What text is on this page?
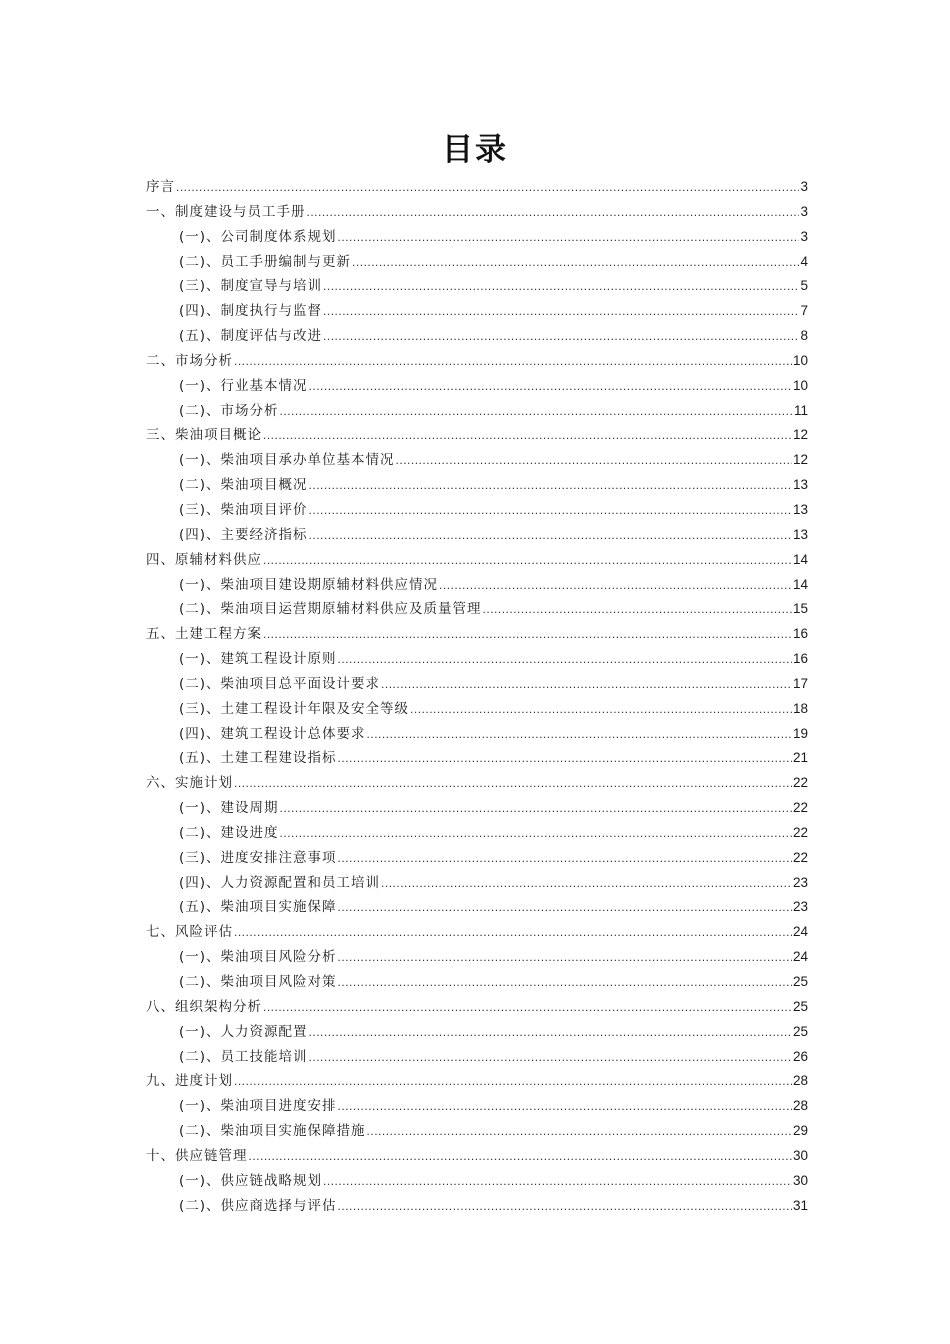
目录
序言 .....	3
一、制度建设与员工手册 .....	3
(一)、公司制度体系规划 .....	3
(二)、员工手册编制与更新 .....	4
(三)、制度宣导与培训 .....	5
(四)、制度执行与监督 .....	7
(五)、制度评估与改进 .....	8
二、市场分析 .....	10
(一)、行业基本情况 .....	10
(二)、市场分析 .....	11
三、柴油项目概论 .....	12
(一)、柴油项目承办单位基本情况 .....	12
(二)、柴油项目概况 .....	13
(三)、柴油项目评价 .....	13
(四)、主要经济指标 .....	13
四、原辅材料供应 .....	14
(一)、柴油项目建设期原辅材料供应情况 .....	14
(二)、柴油项目运营期原辅材料供应及质量管理 .....	15
五、土建工程方案 .....	16
(一)、建筑工程设计原则 .....	16
(二)、柴油项目总平面设计要求 .....	17
(三)、土建工程设计年限及安全等级 .....	18
(四)、建筑工程设计总体要求 .....	19
(五)、土建工程建设指标 .....	21
六、实施计划 .....	22
(一)、建设周期 .....	22
(二)、建设进度 .....	22
(三)、进度安排注意事项 .....	22
(四)、人力资源配置和员工培训 .....	23
(五)、柴油项目实施保障 .....	23
七、风险评估 .....	24
(一)、柴油项目风险分析 .....	24
(二)、柴油项目风险对策 .....	25
八、组织架构分析 .....	25
(一)、人力资源配置 .....	25
(二)、员工技能培训 .....	26
九、进度计划 .....	28
(一)、柴油项目进度安排 .....	28
(二)、柴油项目实施保障措施 .....	29
十、供应链管理 .....	30
(一)、供应链战略规划 .....	30
(二)、供应商选择与评估 .....	31
